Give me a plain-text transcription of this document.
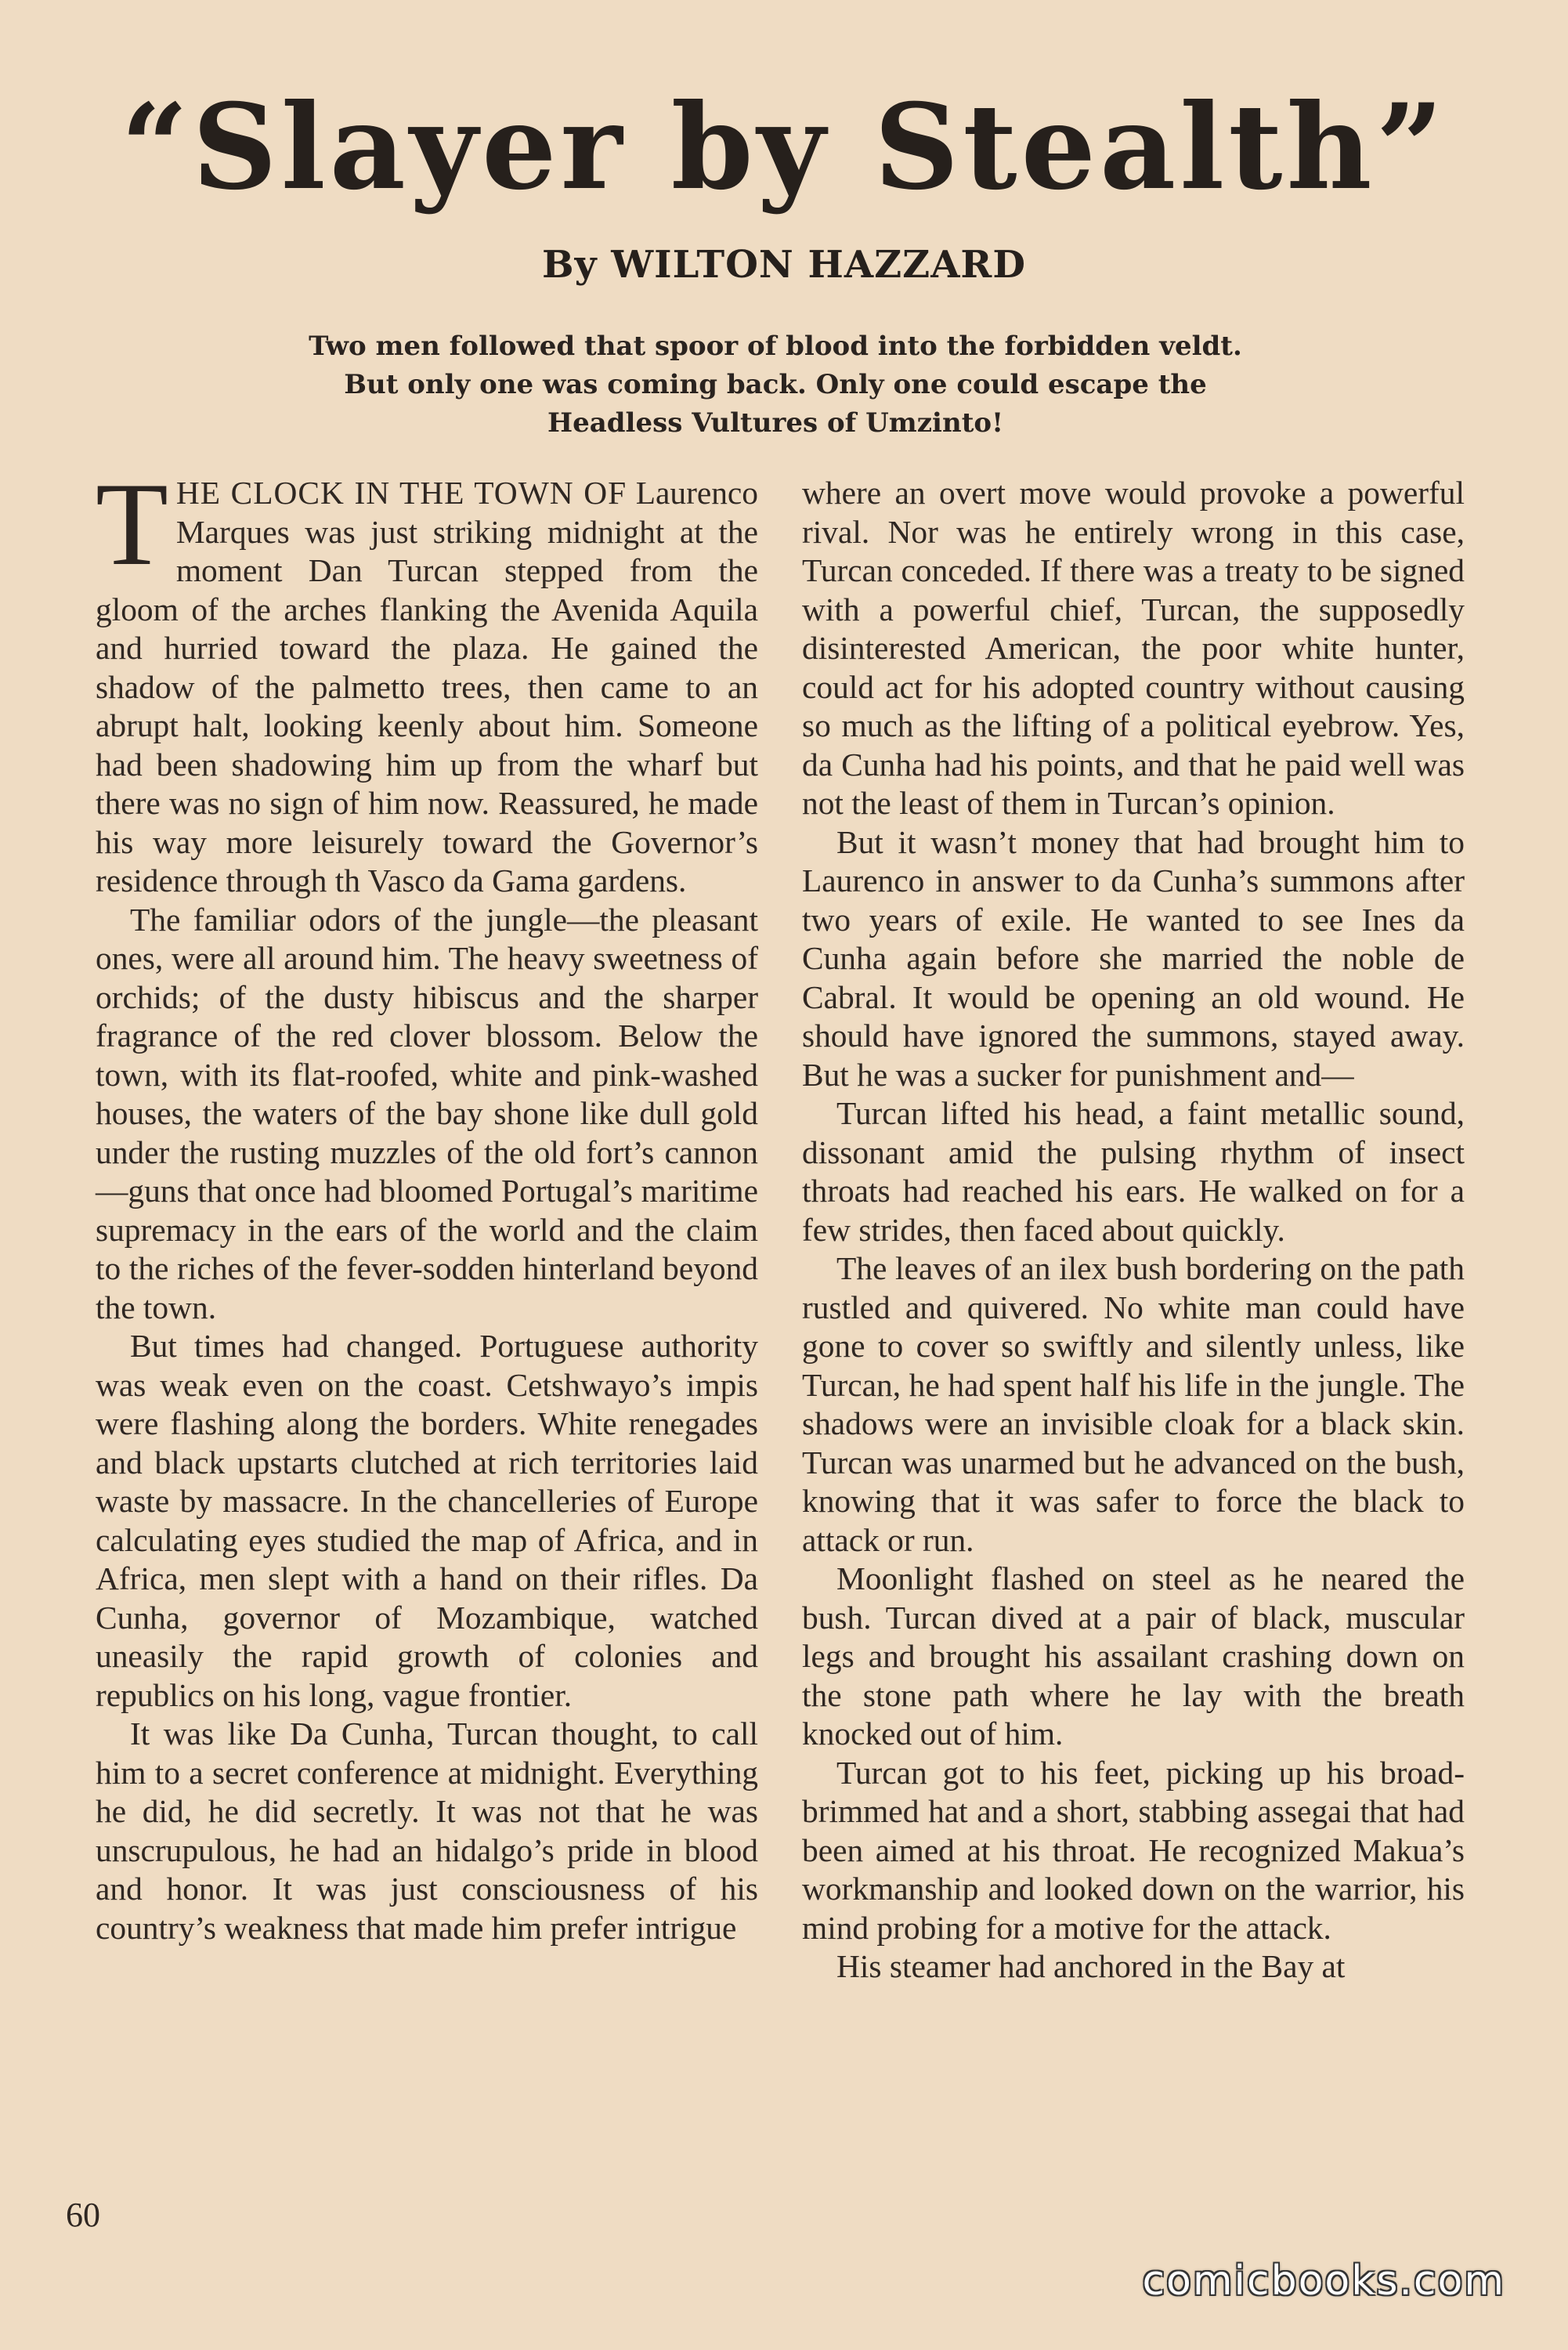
“Slayer by Stealth”
By WILTON HAZZARD

Two men followed that spoor of blood into the forbidden veldt. But only one was coming back. Only one could escape the Headless Vultures of Umzinto!

THE CLOCK IN THE TOWN OF Laurenco Marques was just striking midnight at the moment Dan Turcan stepped from the gloom of the arches flanking the Avenida Aquila and hurried toward the plaza. He gained the shadow of the palmetto trees, then came to an abrupt halt, looking keenly about him. Someone had been shadowing him up from the wharf but there was no sign of him now. Reassured, he made his way more leisurely toward the Governor’s residence through th Vasco da Gama gardens.

The familiar odors of the jungle—the pleasant ones, were all around him. The heavy sweetness of orchids; of the dusty hibiscus and the sharper fragrance of the red clover blossom. Below the town, with its flat-roofed, white and pink-washed houses, the waters of the bay shone like dull gold under the rusting muzzles of the old fort’s cannon—guns that once had bloomed Portugal’s maritime supremacy in the ears of the world and the claim to the riches of the fever-sodden hinterland beyond the town.

But times had changed. Portuguese authority was weak even on the coast. Cetshwayo’s impis were flashing along the borders. White renegades and black upstarts clutched at rich territories laid waste by massacre. In the chancelleries of Europe calculating eyes studied the map of Africa, and in Africa, men slept with a hand on their rifles. Da Cunha, governor of Mozambique, watched uneasily the rapid growth of colonies and republics on his long, vague frontier.

It was like Da Cunha, Turcan thought, to call him to a secret conference at midnight. Everything he did, he did secretly. It was not that he was unscrupulous, he had an hidalgo’s pride in blood and honor. It was just consciousness of his country’s weakness that made him prefer intrigue

where an overt move would provoke a powerful rival. Nor was he entirely wrong in this case, Turcan conceded. If there was a treaty to be signed with a powerful chief, Turcan, the supposedly disinterested American, the poor white hunter, could act for his adopted country without causing so much as the lifting of a political eyebrow. Yes, da Cunha had his points, and that he paid well was not the least of them in Turcan’s opinion.

But it wasn’t money that had brought him to Laurenco in answer to da Cunha’s summons after two years of exile. He wanted to see Ines da Cunha again before she married the noble de Cabral. It would be opening an old wound. He should have ignored the summons, stayed away. But he was a sucker for punishment and—

Turcan lifted his head, a faint metallic sound, dissonant amid the pulsing rhythm of insect throats had reached his ears. He walked on for a few strides, then faced about quickly.

The leaves of an ilex bush bordering on the path rustled and quivered. No white man could have gone to cover so swiftly and silently unless, like Turcan, he had spent half his life in the jungle. The shadows were an invisible cloak for a black skin. Turcan was unarmed but he advanced on the bush, knowing that it was safer to force the black to attack or run.

Moonlight flashed on steel as he neared the bush. Turcan dived at a pair of black, muscular legs and brought his assailant crashing down on the stone path where he lay with the breath knocked out of him.

Turcan got to his feet, picking up his broad-brimmed hat and a short, stabbing assegai that had been aimed at his throat. He recognized Makua’s workmanship and looked down on the warrior, his mind probing for a motive for the attack.

His steamer had anchored in the Bay at

60

comicbooks.com
